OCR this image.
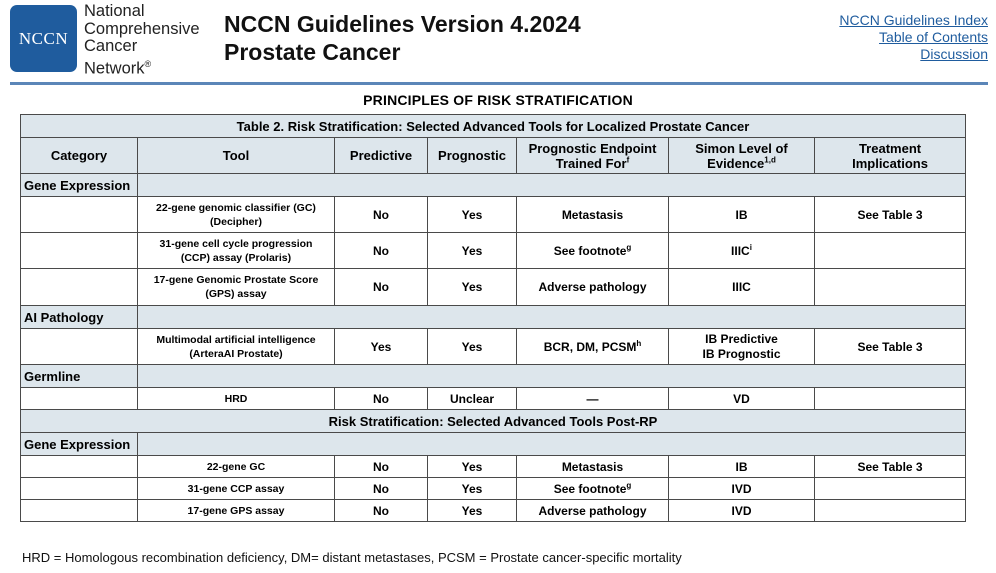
NCCN
National
Comprehensive
Cancer
Network®
NCCN Guidelines Version 4.2024
Prostate Cancer
NCCN Guidelines Index
Table of Contents
Discussion
PRINCIPLES OF RISK STRATIFICATION
Table 2. Risk Stratification: Selected Advanced Tools for Localized Prostate Cancer						
Category	Tool	Predictive	Prognostic	Prognostic Endpoint
Trained For$^f$	Simon Level of
Evidence$^{1,d}$	Treatment
Implications
Gene Expression						
	22-gene genomic classifier (GC)
(Decipher)	No	Yes	Metastasis	IB	See Table 3
	31-gene cell cycle progression
(CCP) assay (Prolaris)	No	Yes	See footnote$^g$	IIIC$^i$	
	17-gene Genomic Prostate Score
(GPS) assay	No	Yes	Adverse pathology	IIIC	
AI Pathology						
	Multimodal artificial intelligence
(ArteraAI Prostate)	Yes	Yes	BCR, DM, PCSM$^h$	IB Predictive
IB Prognostic	See Table 3
Germline						
	HRD	No	Unclear	—	VD	
Risk Stratification: Selected Advanced Tools Post-RP						
Gene Expression						
	22-gene GC	No	Yes	Metastasis	IB	See Table 3
	31-gene CCP assay	No	Yes	See footnote$^g$	IVD	
	17-gene GPS assay	No	Yes	Adverse pathology	IVD	
HRD = Homologous recombination deficiency, DM= distant metastases, PCSM = Prostate cancer-specific mortality
